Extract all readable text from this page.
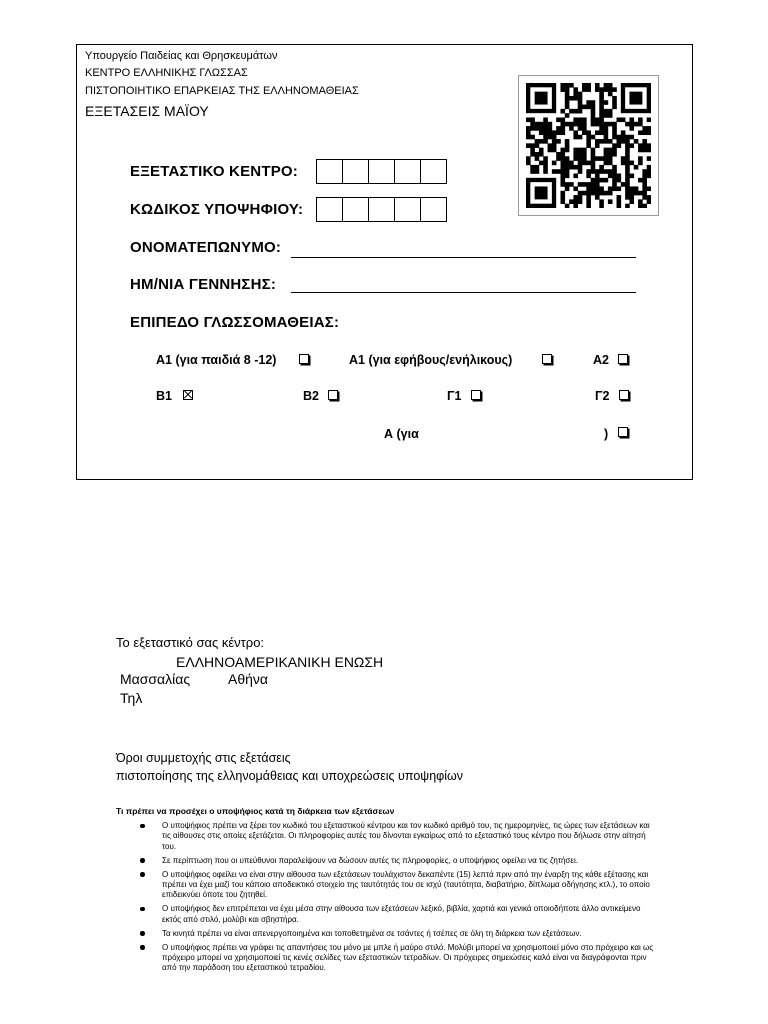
Υπουργείο Παιδείας και Θρησκευμάτων
ΚΕΝΤΡΟ ΕΛΛΗΝΙΚΗΣ ΓΛΩΣΣΑΣ
ΠΙΣΤΟΠΟΙΗΤΙΚΟ ΕΠΑΡΚΕΙΑΣ ΤΗΣ ΕΛΛΗΝΟΜΑΘΕΙΑΣ
ΕΞΕΤΑΣΕΙΣ ΜΑΪΟΥ
ΕΞΕΤΑΣΤΙΚΟ ΚΕΝΤΡΟ:
ΚΩΔΙΚΟΣ ΥΠΟΨΗΦΙΟΥ:
ΟΝΟΜΑΤΕΠΩΝΥΜΟ:
ΗΜ/ΝΙΑ ΓΕΝΝΗΣΗΣ:
ΕΠΙΠΕΔΟ ΓΛΩΣΣΟΜΑΘΕΙΑΣ:
Α1 (για παιδιά 8 -12)	Α1 (για εφήβους/ενήλικους)	Α2
Β1	Β2	Γ1	Γ2
Α (για	)
Το εξεταστικό σας κέντρο:
ΕΛΛΗΝΟΑΜΕΡΙΚΑΝΙΚΗ ΕΝΩΣΗ
Μασσαλίας	Αθήνα
Τηλ
Όροι συμμετοχής στις εξετάσεις
πιστοποίησης της ελληνομάθειας και υποχρεώσεις υποψηφίων
Τι πρέπει να προσέχει ο υποψήφιος κατά τη διάρκεια των εξετάσεων
Ο υποψήφιος πρέπει να ξέρει τον κωδικό του εξεταστικού κέντρου και τον κωδικό αριθμό του, τις ημερομηνίες, τις ώρες των εξετάσεων και τις αίθουσες στις οποίες εξετάζεται. Οι πληροφορίες αυτές του δίνονται εγκαίρως από το εξεταστικό τους κέντρο που δήλωσε στην αίτησή του.
Σε περίπτωση που οι υπεύθυνοι παραλείψουν να δώσουν αυτές τις πληροφορίες, ο υποψήφιος οφείλει να τις ζητήσει.
Ο υποψήφιος οφείλει να είναι στην αίθουσα των εξετάσεων τουλάχιστον δεκαπέντε (15) λεπτά πριν από την έναρξη της κάθε εξέτασης και πρέπει να έχει μαζί του κάποιο αποδεικτικό στοιχείο της ταυτότητάς του σε ισχύ (ταυτότητα, διαβατήριο, δίπλωμα οδήγησης κτλ.), το οποίο επιδεικνύει όποτε του ζητηθεί.
Ο υποψήφιος δεν επιτρέπεται να έχει μέσα στην αίθουσα των εξετάσεων λεξικό, βιβλία, χαρτιά και γενικά οποιοδήποτε άλλο αντικείμενο εκτός από στιλό, μολύβι και σβηστήρα.
Τα κινητά πρέπει να είναι απενεργοποιημένα και τοποθετημένα σε τσάντες ή τσέπες σε όλη τη διάρκεια των εξετάσεων.
Ο υποψήφιος πρέπει να γράφει τις απαντήσεις του μόνο με μπλε ή μαύρο στιλό. Μολύβι μπορεί να χρησιμοποιεί μόνο στο πρόχειρο και ως πρόχειρο μπορεί να χρησιμοποιεί τις κενές σελίδες των εξεταστικών τετραδίων. Οι πρόχειρες σημειώσεις καλό είναι να διαγράφονται πριν από την παράδοση του εξεταστικού τετραδίου.
